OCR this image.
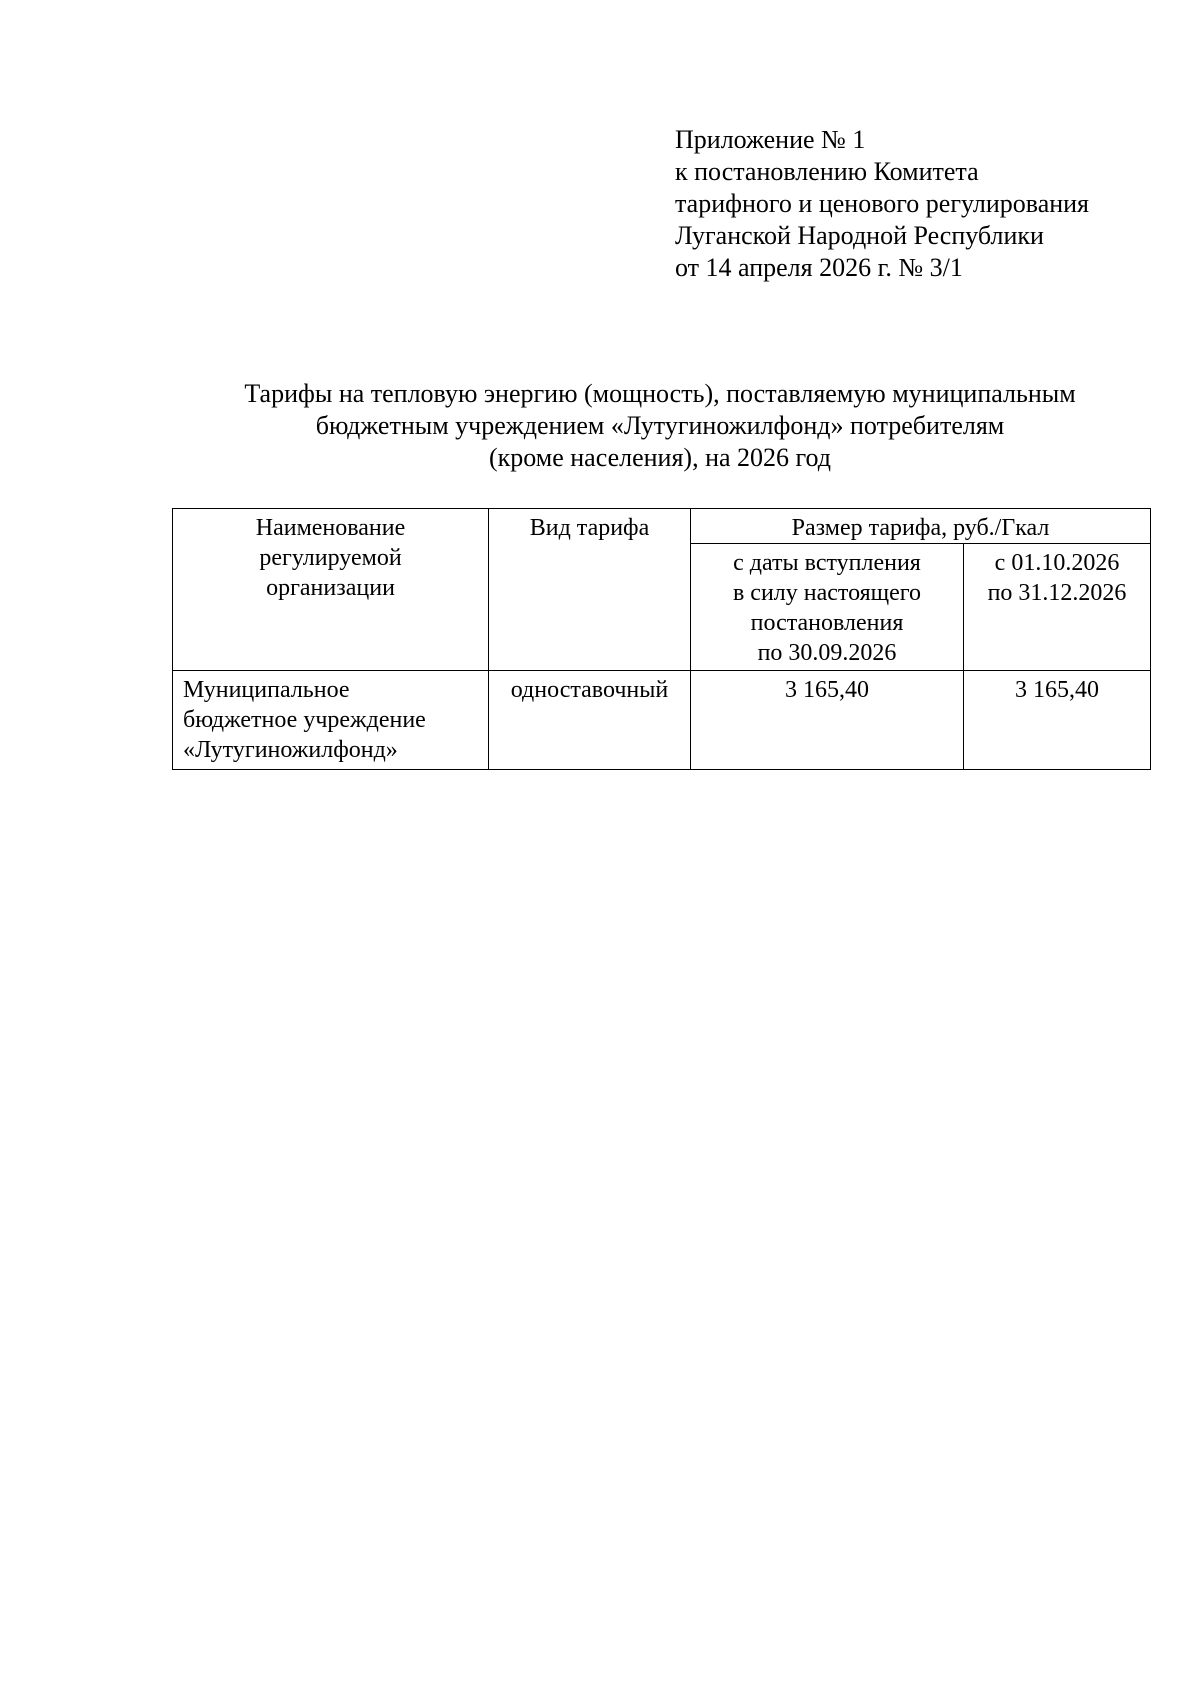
Приложение № 1
к постановлению Комитета
тарифного и ценового регулирования
Луганской Народной Республики
от 14 апреля 2026 г. № 3/1
Тарифы на тепловую энергию (мощность), поставляемую муниципальным
бюджетным учреждением «Лутугиножилфонд» потребителям
(кроме населения), на 2026 год
Наименование
регулируемой
организации	Вид тарифа	Размер тарифа, руб./Гкал	

		с даты вступления
в силу настоящего
постановления
по 30.09.2026	с 01.10.2026
по 31.12.2026

Муниципальное
бюджетное учреждение
«Лутугиножилфонд»	одноставочный	3 165,40	3 165,40
